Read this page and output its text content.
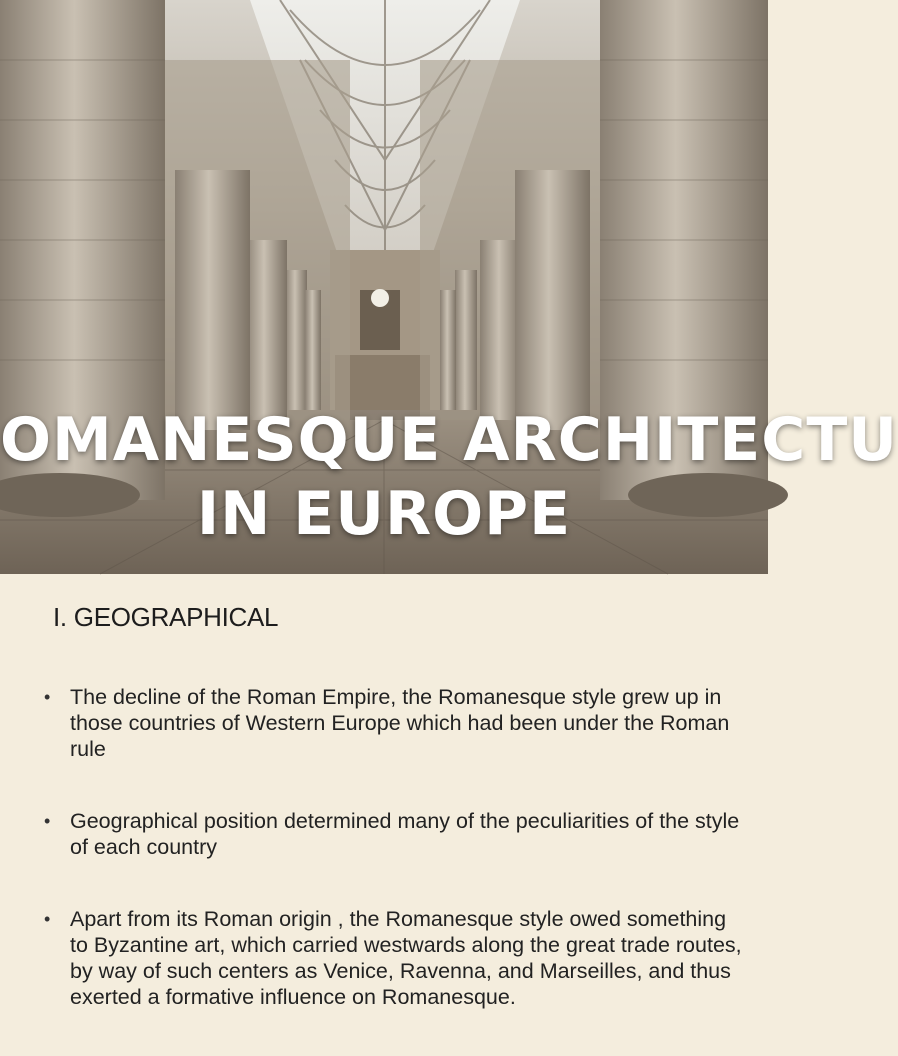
OMANESQUE ARCHITECTU
IN EUROPE
I. GEOGRAPHICAL
• The decline of the Roman Empire, the Romanesque style grew up in those countries of Western Europe which had been under the Roman rule
• Geographical position determined many of the peculiarities of the style of each country
• Apart from its Roman origin , the Romanesque style owed something to Byzantine art, which carried westwards along the great trade routes, by way of such centers as Venice, Ravenna, and Marseilles, and thus exerted a formative influence on Romanesque.
